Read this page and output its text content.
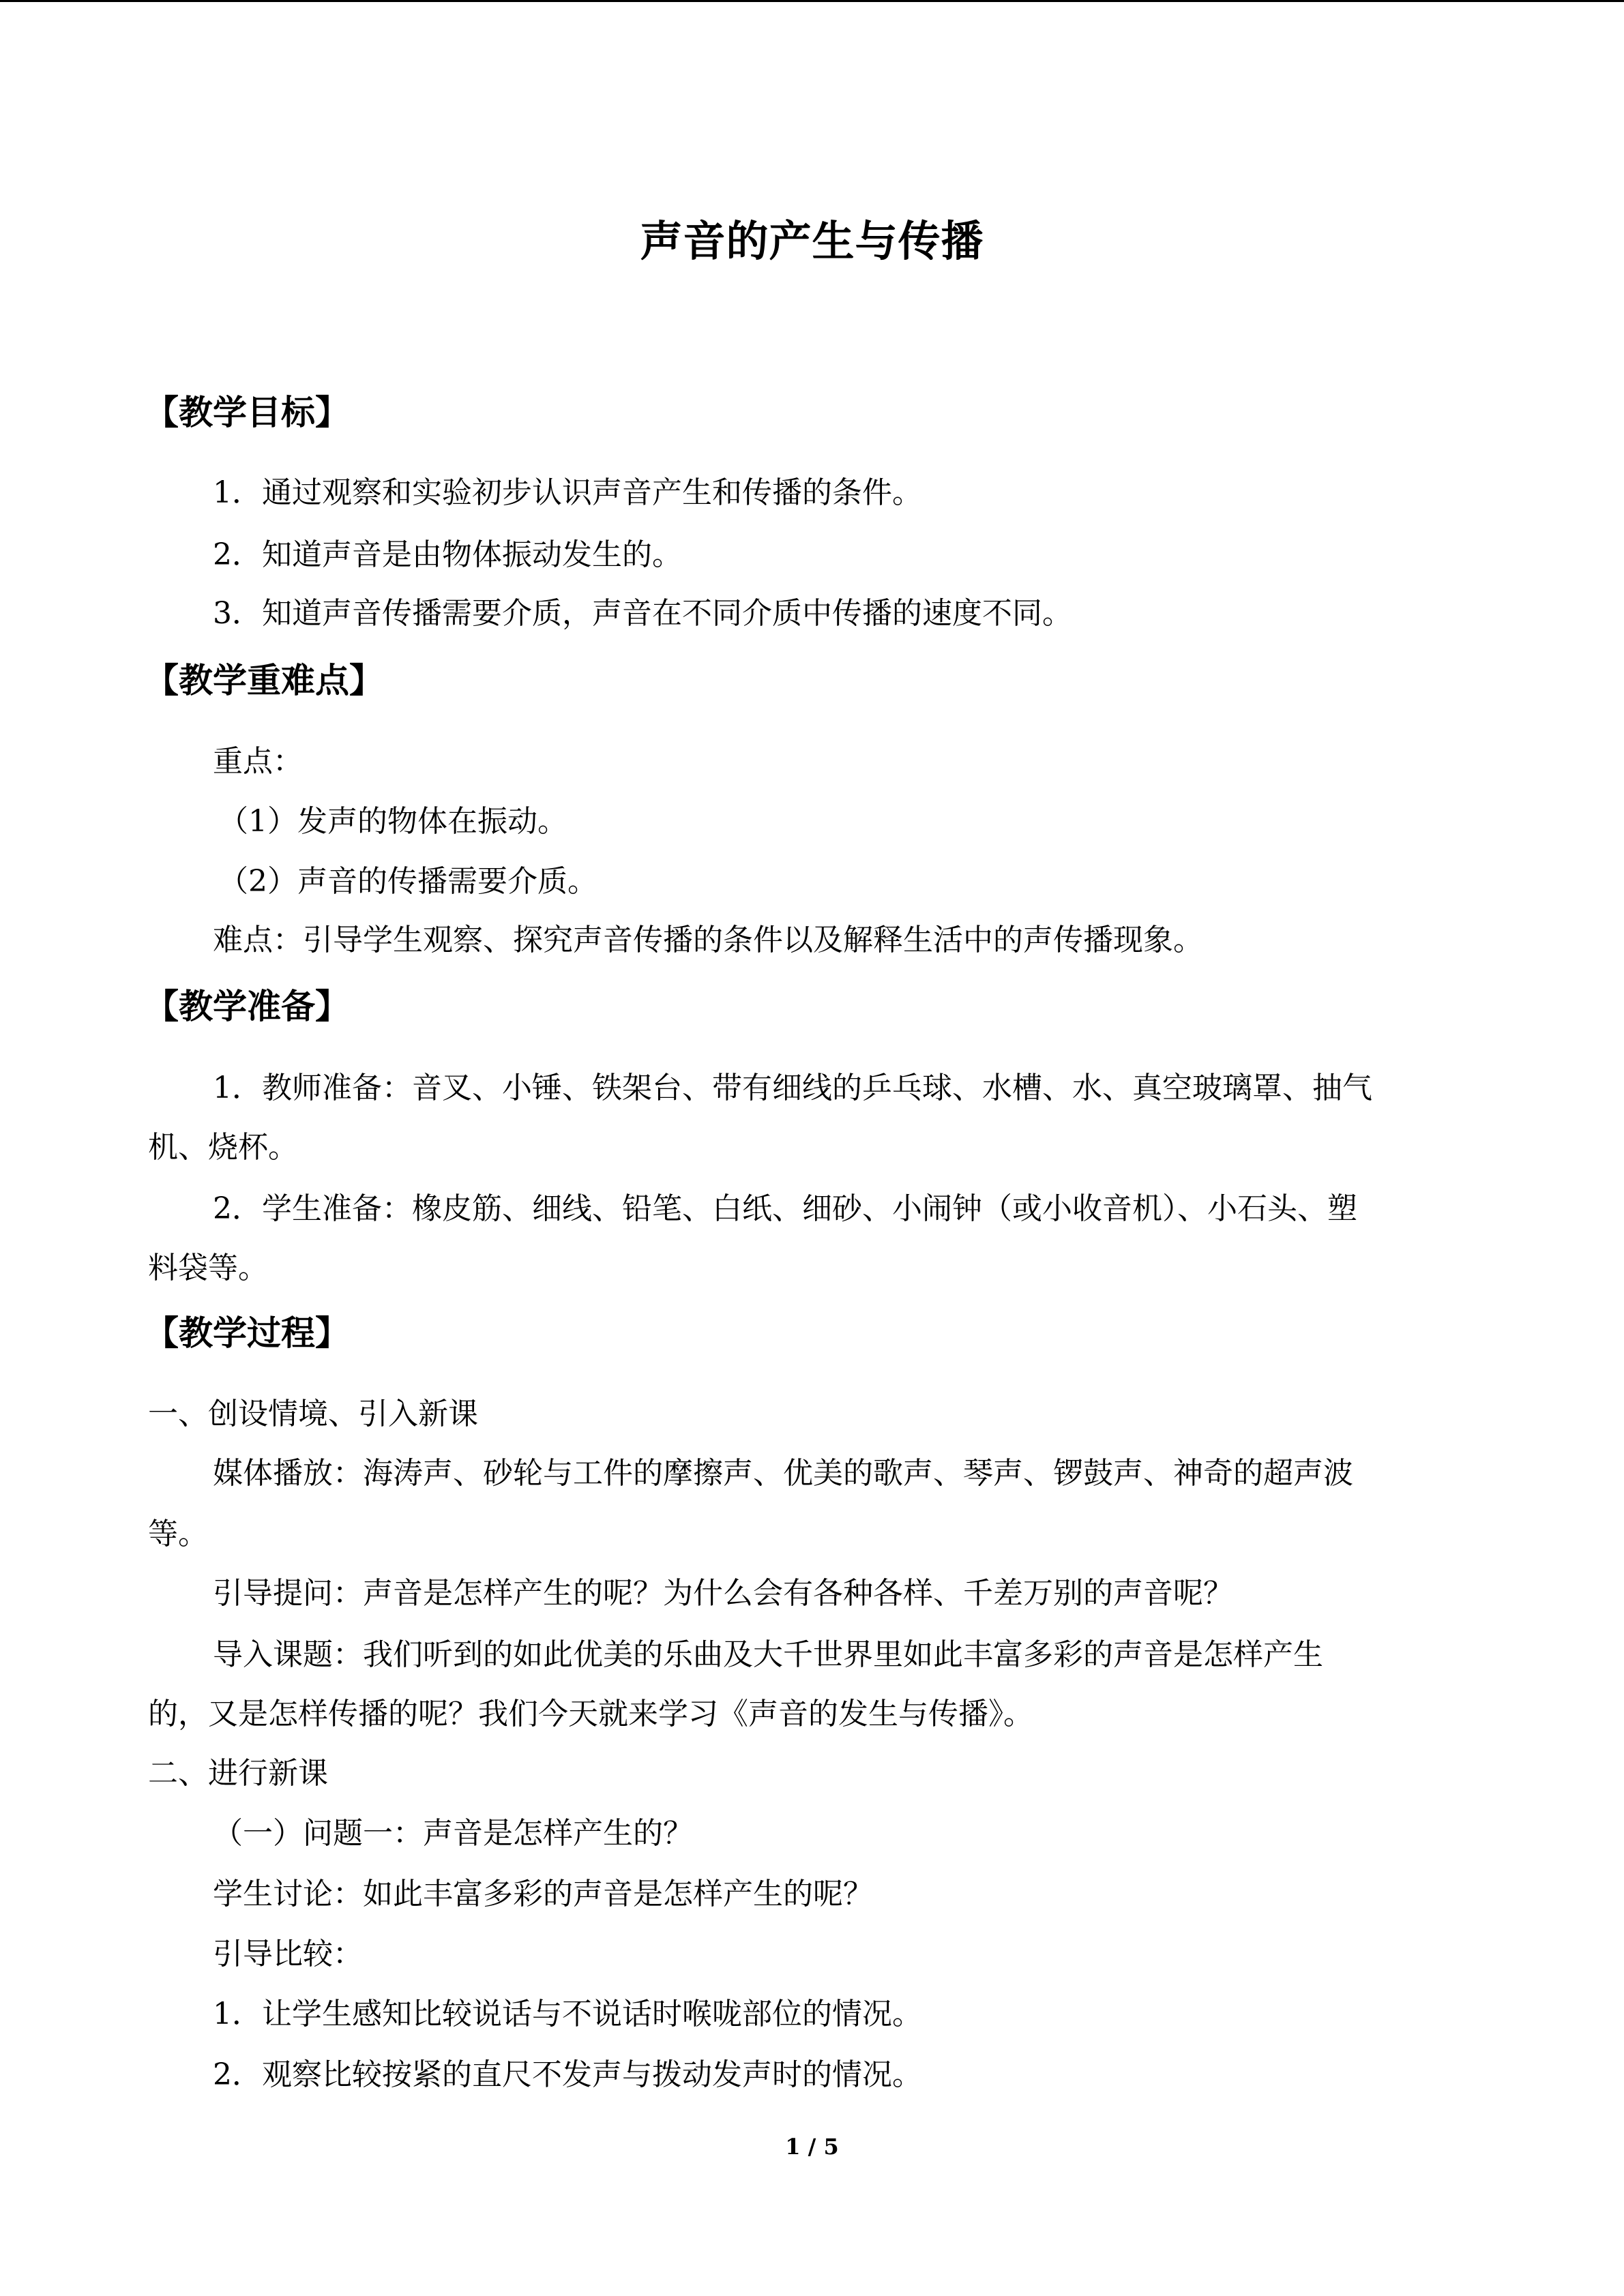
声音的产生与传播
【教学目标】
1．通过观察和实验初步认识声音产生和传播的条件。
2．知道声音是由物体振动发生的。
3．知道声音传播需要介质，声音在不同介质中传播的速度不同。
【教学重难点】
重点：
（1）发声的物体在振动。
（2）声音的传播需要介质。
难点：引导学生观察、探究声音传播的条件以及解释生活中的声传播现象。
【教学准备】
1．教师准备：音叉、小锤、铁架台、带有细线的乒乓球、水槽、水、真空玻璃罩、抽气
机、烧杯。
2．学生准备：橡皮筋、细线、铅笔、白纸、细砂、小闹钟（或小收音机）、小石头、塑
料袋等。
【教学过程】
一、创设情境、引入新课
媒体播放：海涛声、砂轮与工件的摩擦声、优美的歌声、琴声、锣鼓声、神奇的超声波
等。
引导提问：声音是怎样产生的呢？为什么会有各种各样、千差万别的声音呢？
导入课题：我们听到的如此优美的乐曲及大千世界里如此丰富多彩的声音是怎样产生
的，又是怎样传播的呢？我们今天就来学习《声音的发生与传播》。
二、进行新课
（一）问题一：声音是怎样产生的？
学生讨论：如此丰富多彩的声音是怎样产生的呢？
引导比较：
1．让学生感知比较说话与不说话时喉咙部位的情况。
2．观察比较按紧的直尺不发声与拨动发声时的情况。
1 / 5
